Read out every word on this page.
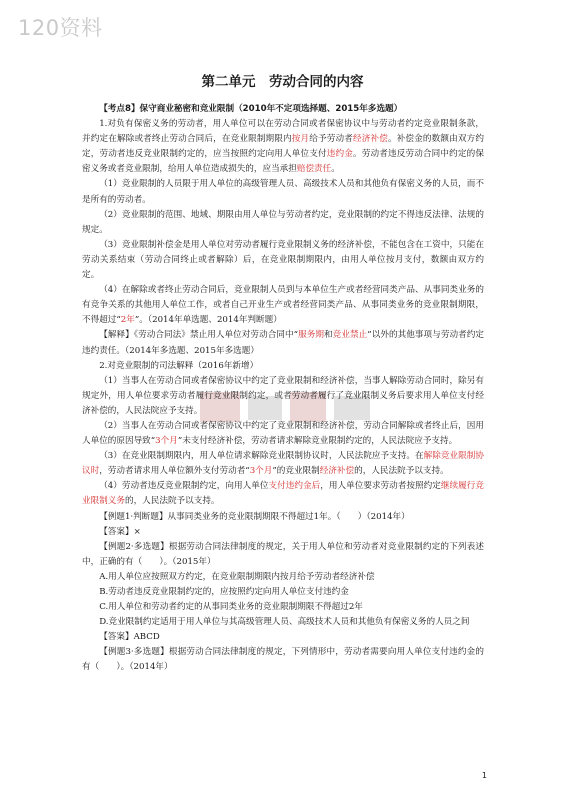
120资料
第二单元　劳动合同的内容

【考点8】保守商业秘密和竞业限制（2010年不定项选择题、2015年多选题）

1.对负有保密义务的劳动者，用人单位可以在劳动合同或者保密协议中与劳动者约定竞业限制条款，并约定在解除或者终止劳动合同后，在竞业限制期限内按月给予劳动者经济补偿。补偿金的数额由双方约定，劳动者违反竞业限制约定的，应当按照约定向用人单位支付违约金。劳动者违反劳动合同中约定的保密义务或者竞业限制，给用人单位造成损失的，应当承担赔偿责任。

（1）竞业限制的人员限于用人单位的高级管理人员、高级技术人员和其他负有保密义务的人员，而不是所有的劳动者。

（2）竞业限制的范围、地域、期限由用人单位与劳动者约定，竞业限制的约定不得违反法律、法规的规定。

（3）竞业限制补偿金是用人单位对劳动者履行竞业限制义务的经济补偿，不能包含在工资中，只能在劳动关系结束（劳动合同终止或者解除）后，在竞业限制期限内，由用人单位按月支付，数额由双方约定。

（4）在解除或者终止劳动合同后，竞业限制人员到与本单位生产或者经营同类产品、从事同类业务的有竞争关系的其他用人单位工作，或者自己开业生产或者经营同类产品、从事同类业务的竞业限制期限，不得超过“2年”。（2014年单选题、2014年判断题）

【解释】《劳动合同法》禁止用人单位对劳动合同中“服务期和竞业禁止”以外的其他事项与劳动者约定违约责任。（2014年多选题、2015年多选题）

2.对竞业限制的司法解释（2016年新增）

（1）当事人在劳动合同或者保密协议中约定了竞业限制和经济补偿，当事人解除劳动合同时，除另有规定外，用人单位要求劳动者履行竞业限制约定，或者劳动者履行了竞业限制义务后要求用人单位支付经济补偿的，人民法院应予支持。

（2）当事人在劳动合同或者保密协议中约定了竞业限制和经济补偿，劳动合同解除或者终止后，因用人单位的原因导致“3个月”未支付经济补偿，劳动者请求解除竞业限制约定的，人民法院应予支持。

（3）在竞业限制期限内，用人单位请求解除竞业限制协议时，人民法院应予支持。在解除竞业限制协议时，劳动者请求用人单位额外支付劳动者“3个月”的竞业限制经济补偿的，人民法院予以支持。

（4）劳动者违反竞业限制约定，向用人单位支付违约金后，用人单位要求劳动者按照约定继续履行竞业限制义务的，人民法院予以支持。

【例题1·判断题】从事同类业务的竞业限制期限不得超过1年。（　　）（2014年）

【答案】×

【例题2·多选题】根据劳动合同法律制度的规定，关于用人单位和劳动者对竞业限制约定的下列表述中，正确的有（　　）。（2015年）

A.用人单位应按照双方约定，在竞业限制期限内按月给予劳动者经济补偿

B.劳动者违反竞业限制约定的，应按照约定向用人单位支付违约金

C.用人单位和劳动者约定的从事同类业务的竞业限制期限不得超过2年

D.竞业限制约定适用于用人单位与其高级管理人员、高级技术人员和其他负有保密义务的人员之间

【答案】ABCD

【例题3·多选题】根据劳动合同法律制度的规定，下列情形中，劳动者需要向用人单位支付违约金的有（　　）。（2014年）

1
